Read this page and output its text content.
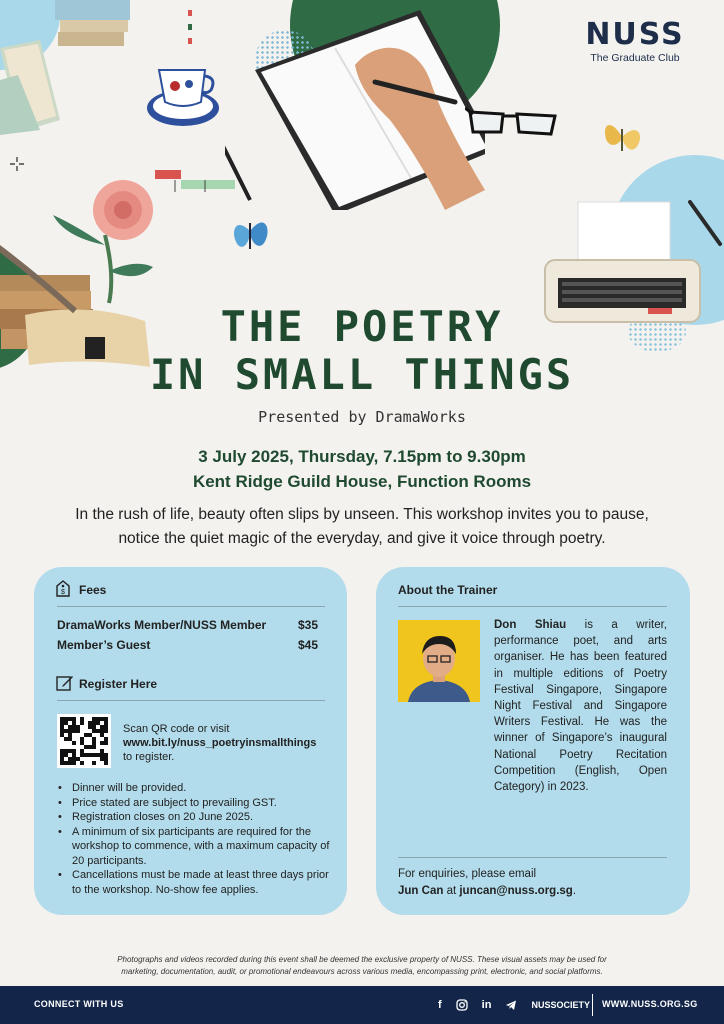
NUSS
The Graduate Club
THE POETRY
IN SMALL THINGS
Presented by DramaWorks
3 July 2025, Thursday, 7.15pm to 9.30pm
Kent Ridge Guild House, Function Rooms
In the rush of life, beauty often slips by unseen. This workshop invites you to pause,
notice the quiet magic of the everyday, and give it voice through poetry.
$ Fees
DramaWorks Member/NUSS Member	$35
Member’s Guest	$45
Register Here
Scan QR code or visit
www.bit.ly/nuss_poetryinsmallthings
to register.
• Dinner will be provided.
• Price stated are subject to prevailing GST.
• Registration closes on 20 June 2025.
• A minimum of six participants are required for the workshop to commence, with a maximum capacity of 20 participants.
• Cancellations must be made at least three days prior to the workshop. No-show fee applies.
About the Trainer
Don Shiau is a writer, performance poet, and arts organiser. He has been featured in multiple editions of Poetry Festival Singapore, Singapore Night Festival and Singapore Writers Festival. He was the winner of Singapore’s inaugural National Poetry Recitation Competition (English, Open Category) in 2023.
For enquiries, please email
Jun Can at juncan@nuss.org.sg.
Photographs and videos recorded during this event shall be deemed the exclusive property of NUSS. These visual assets may be used for
marketing, documentation, audit, or promotional endeavours across various media, encompassing print, electronic, and social platforms.
CONNECT WITH US	f	in	NUSSOCIETY WWW.NUSS.ORG.SG
